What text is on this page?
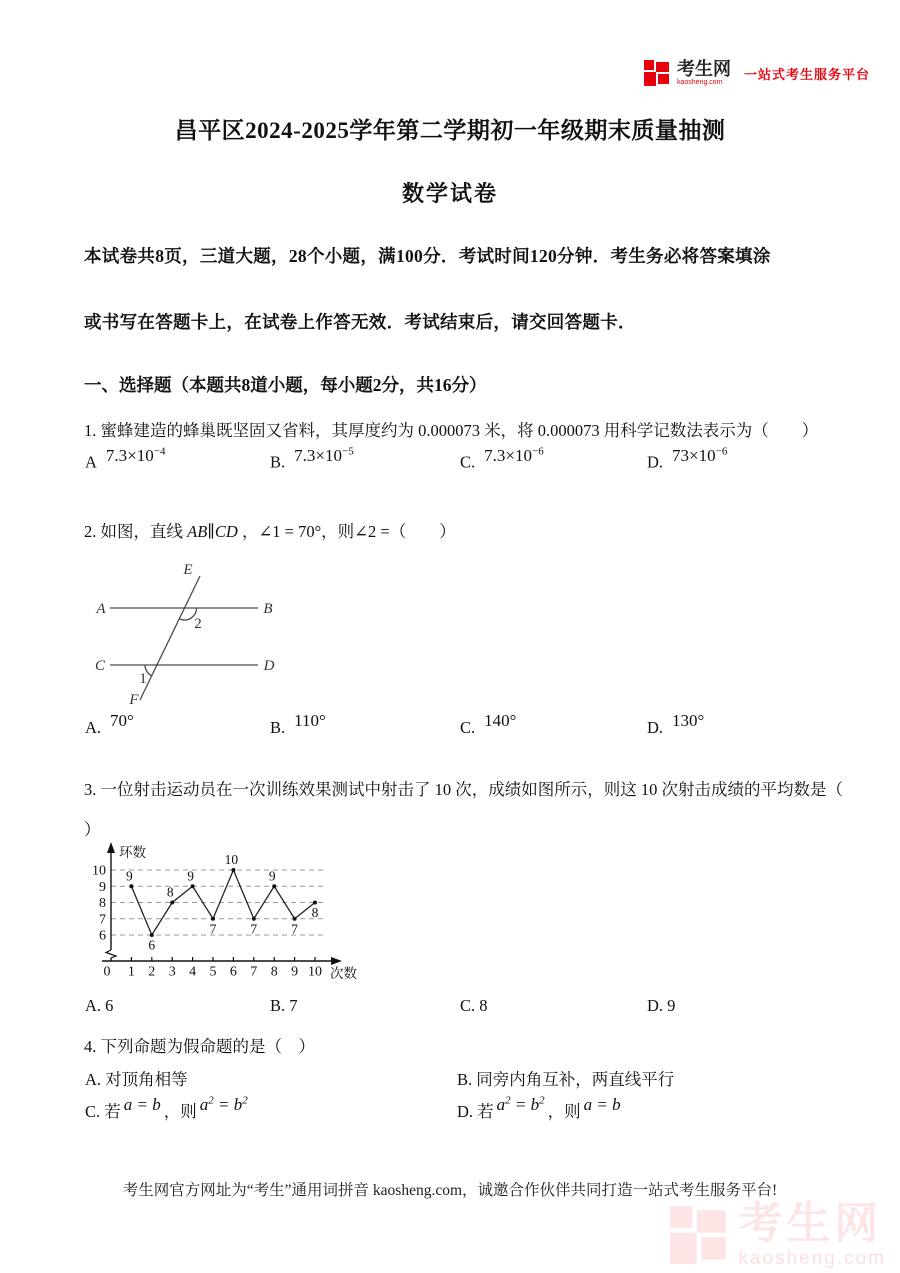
考生网
kaosheng.com
一站式考生服务平台
昌平区2024-2025学年第二学期初一年级期末质量抽测
数学试卷
本试卷共8页，三道大题，28个小题，满100分．考试时间120分钟．考生务必将答案填涂
或书写在答题卡上，在试卷上作答无效．考试结束后，请交回答题卡．
一、选择题（本题共8道小题，每小题2分，共16分）
1. 蜜蜂建造的蜂巢既坚固又省料，其厚度约为 0.000073 米，将 0.000073 用科学记数法表示为（　　）
A $7.3\times 10^{-4}$
B. $7.3\times 10^{-5}$
C. $7.3\times 10^{-6}$
D. $73\times 10^{-6}$
2. 如图，直线 AB∥CD ，∠1 = 70°，则∠2 =（　　）
E
A	B
C	D
F
2
1
A. 70°	B. 110°	C. 140°	D. 130°
3. 一位射击运动员在一次训练效果测试中射击了 10 次，成绩如图所示，则这 10 次射击成绩的平均数是（
）
环数
次数
6
7
8
9
10
0 1 2 3 4 5 6 7 8 9 10
9
6
8
9
7
10
7
9
7
8
A. 6	B. 7	C. 8	D. 9
4. 下列命题为假命题的是（　）
A. 对顶角相等	B. 同旁内角互补，两直线平行
C. 若 a = b ，则 $a^2 = b^2$
D. 若 $a^2 = b^2$，则 a = b
考生网官方网址为“考生”通用词拼音 kaosheng.com，诚邀合作伙伴共同打造一站式考生服务平台!
考生网
kaosheng.com
